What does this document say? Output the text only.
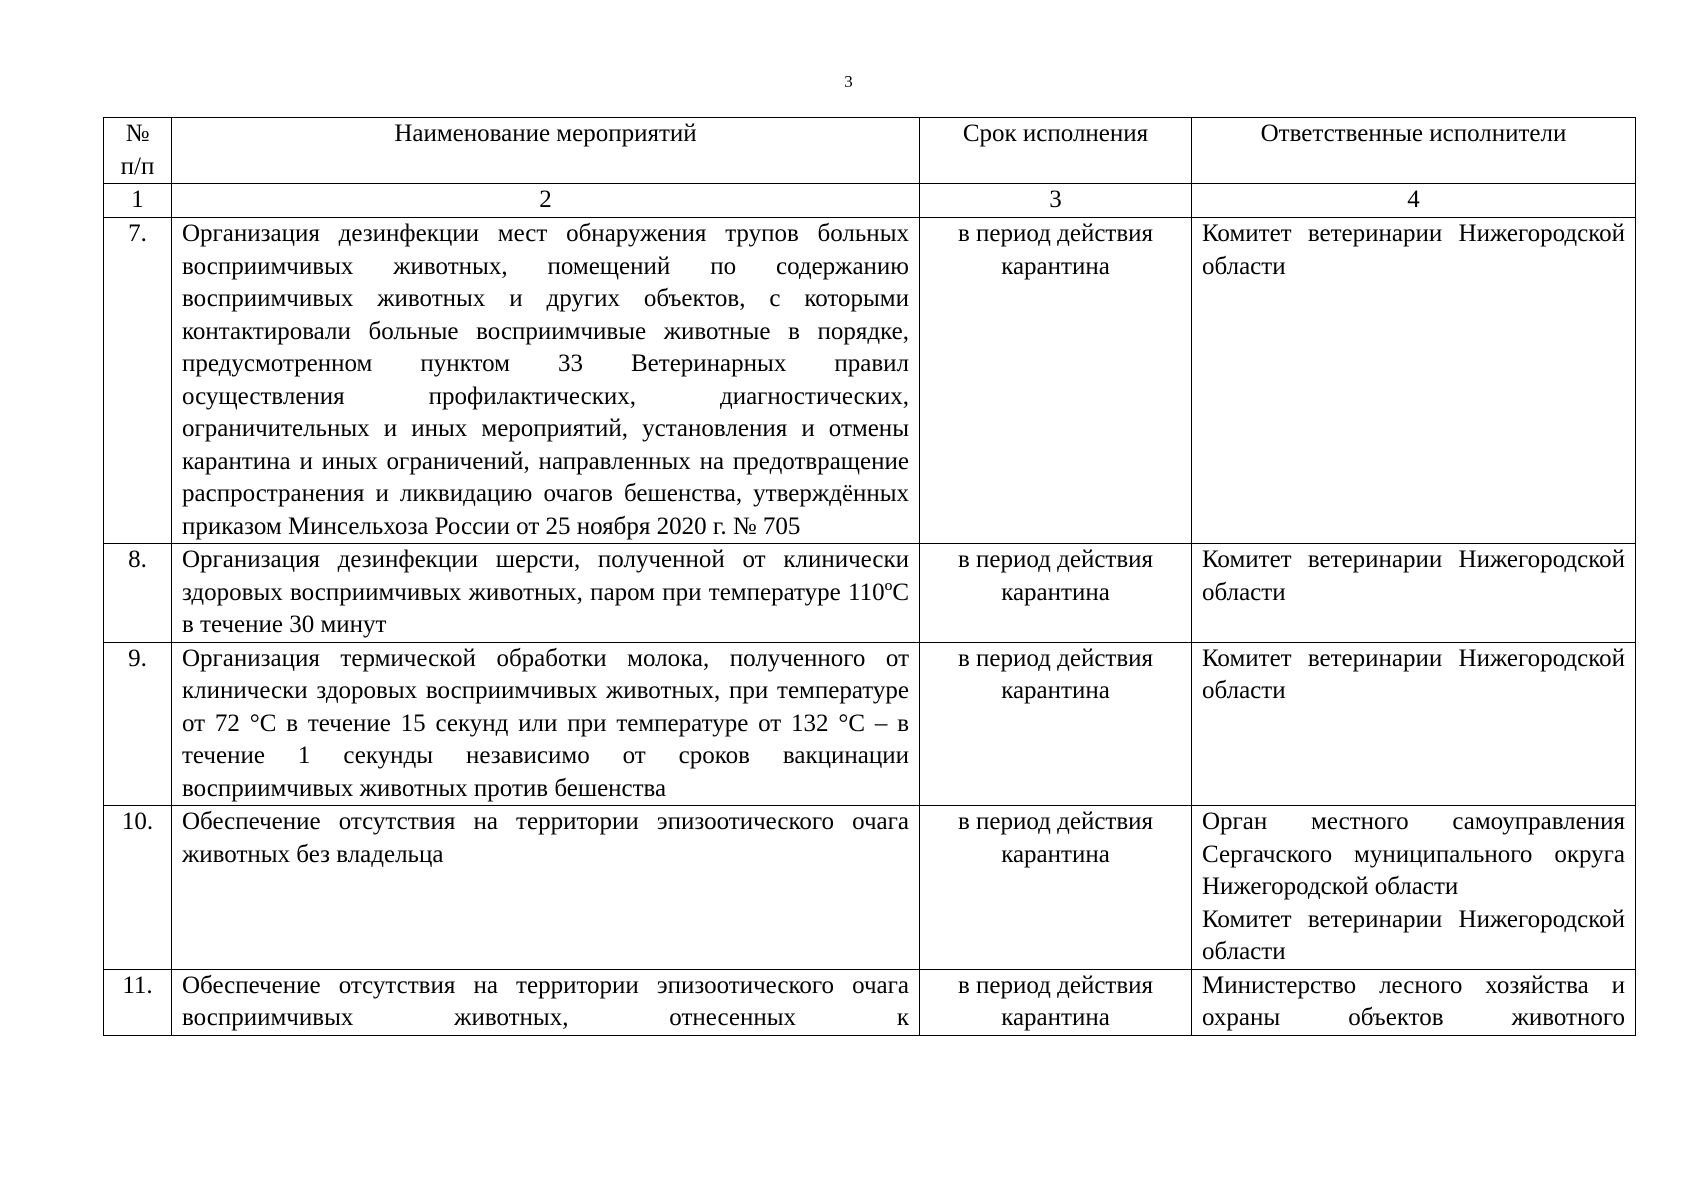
3
№ п/п	Наименование мероприятий	Срок исполнения	Ответственные исполнители
1	2	3	4
7.	Организация дезинфекции мест обнаружения трупов больных восприимчивых животных, помещений по содержанию восприимчивых животных и других объектов, с которыми контактировали больные восприимчивые животные в порядке, предусмотренном пунктом 33 Ветеринарных правил осуществления профилактических, диагностических, ограничительных и иных мероприятий, установления и отмены карантина и иных ограничений, направленных на предотвращение распространения и ликвидацию очагов бешенства, утверждённых приказом Минсельхоза России от 25 ноября 2020 г. № 705	в период действия карантина	Комитет ветеринарии Нижегородской области

8.	Организация дезинфекции шерсти, полученной от клинически здоровых восприимчивых животных, паром при температуре 110ºС в течение 30 минут	в период действия карантина	Комитет ветеринарии Нижегородской области

9.	Организация термической обработки молока, полученного от клинически здоровых восприимчивых животных, при температуре от 72 °C в течение 15 секунд или при температуре от 132 °C – в течение 1 секунды независимо от сроков вакцинации восприимчивых животных против бешенства	в период действия карантина	Комитет ветеринарии Нижегородской области

10.	Обеспечение отсутствия на территории эпизоотического очага животных без владельца	в период действия карантина	Орган местного самоуправления Сергачского муниципального округа Нижегородской области
Комитет ветеринарии Нижегородской области

11.	Обеспечение отсутствия на территории эпизоотического очага восприимчивых животных, отнесенных к	в период действия карантина	Министерство лесного хозяйства и охраны объектов животного
